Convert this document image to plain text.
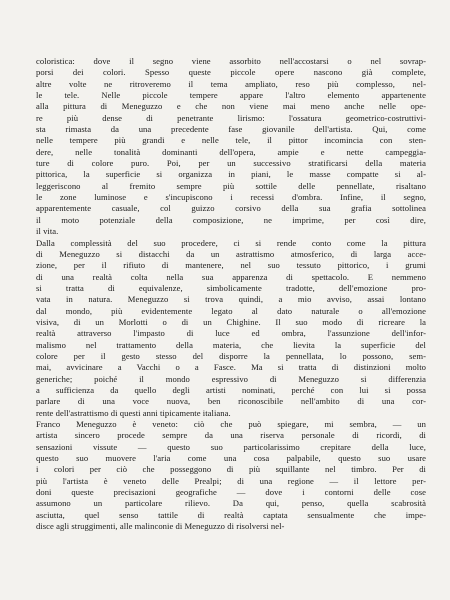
coloristica: dove il segno viene assorbito nell'accostarsi o nel sovrap-
porsi dei colori. Spesso queste piccole opere nascono già complete,
altre volte ne ritroveremo il tema ampliato, reso più complesso, nel-
le tele. Nelle piccole tempere appare l'altro elemento appartenente
alla pittura di Meneguzzo e che non viene mai meno anche nelle ope-
re più dense di penetrante lirismo: l'ossatura geometrico-costruttivi-
sta rimasta da una precedente fase giovanile dell'artista. Qui, come
nelle tempere più grandi e nelle tele, il pittor incomincia con sten-
dere, nelle tonalità dominanti dell'opera, ampie e nette campeggia-
ture di colore puro. Poi, per un successivo stratificarsi della materia
pittorica, la superficie si organizza in piani, le masse compatte si al-
leggeriscono al fremito sempre più sottile delle pennellate, risaltano
le zone luminose e s'incupiscono i recessi d'ombra. Infine, il segno,
apparentemente casuale, col guizzo corsivo della sua grafia sottolinea
il moto potenziale della composizione, ne imprime, per così dire,
il vita.

Dalla complessità del suo procedere, ci si rende conto come la pittura
di Meneguzzo si distacchi da un astrattismo atmosferico, di larga acce-
zione, per il rifiuto di mantenere, nel suo tessuto pittorico, i grumi
di una realtà colta nella sua apparenza di spettacolo. E nemmeno
si tratta di equivalenze, simbolicamente tradotte, dell'emozione pro-
vata in natura. Meneguzzo si trova quindi, a mio avviso, assai lontano
dal mondo, più evidentemente legato al dato naturale o all'emozione
visiva, di un Morlotti o di un Chighine. Il suo modo di ricreare la
realtà attraverso l'impasto di luce ed ombra, l'assunzione dell'infor-
malismo nel trattamento della materia, che lievita la superficie del
colore per il gesto stesso del disporre la pennellata, lo possono, sem-
mai, avvicinare a Vacchi o a Fasce. Ma si tratta di distinzioni molto
generiche; poiché il mondo espressivo di Meneguzzo si differenzia
a sufficienza da quello degli artisti nominati, perché con lui si possa
parlare di una voce nuova, ben riconoscibile nell'ambito di una cor-
rente dell'astrattismo di questi anni tipicamente italiana.

Franco Meneguzzo è veneto: ciò che può spiegare, mi sembra, — un
artista sincero procede sempre da una riserva personale di ricordi, di
sensazioni vissute — questo suo particolarissimo crepitare della luce,
questo suo muovere l'aria come una cosa palpabile, questo suo usare
i colori per ciò che posseggono di più squillante nel timbro. Per di
più l'artista è veneto delle Prealpi; di una regione — il lettore per-
doni queste precisazioni geografiche — dove i contorni delle cose
assumono un particolare rilievo. Da qui, penso, quella scabrosità
asciutta, quel senso tattile di realtà captata sensualmente che impe-
disce agli struggimenti, alle malinconie di Meneguzzo di risolversi nel-
